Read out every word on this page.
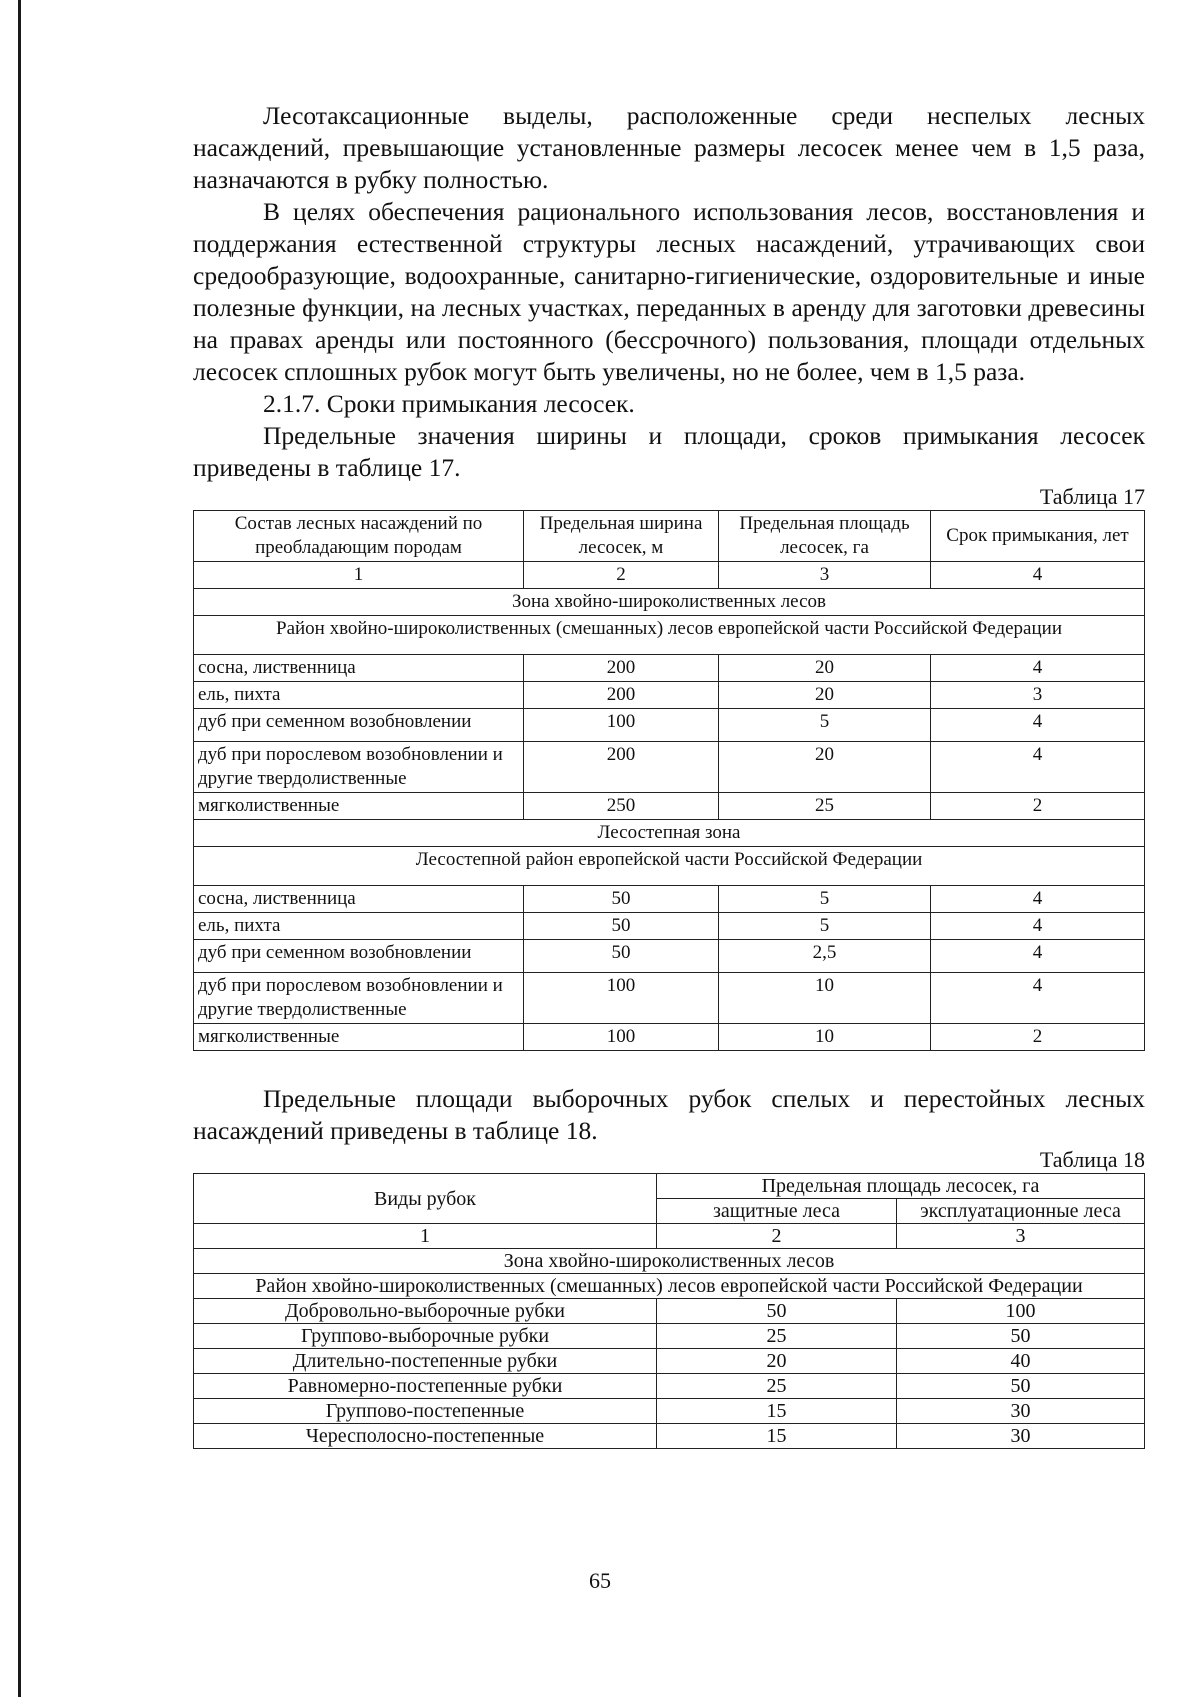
Лесотаксационные выделы, расположенные среди неспелых лесных насаждений, превышающие установленные размеры лесосек менее чем в 1,5 раза, назначаются в рубку полностью.

В целях обеспечения рационального использования лесов, восстановления и поддержания естественной структуры лесных насаждений, утрачивающих свои средообразующие, водоохранные, санитарно-гигиенические, оздоровительные и иные полезные функции, на лесных участках, переданных в аренду для заготовки древесины на правах аренды или постоянного (бессрочного) пользования, площади отдельных лесосек сплошных рубок могут быть увеличены, но не более, чем в 1,5 раза.

2.1.7. Сроки примыкания лесосек.

Предельные значения ширины и площади, сроков примыкания лесосек приведены в таблице 17.

Таблица 17

Состав лесных насаждений по преобладающим породам	Предельная ширина лесосек, м	Предельная площадь лесосек, га	Срок примыкания, лет
1	2	3	4
Зона хвойно-широколиственных лесов			
Район хвойно-широколиственных (смешанных) лесов европейской части Российской Федерации			
сосна, лиственница	200	20	4
ель, пихта	200	20	3
дуб при семенном возобновлении	100	5	4
дуб при порослевом возобновлении и другие твердолиственные	200	20	4
мягколиственные	250	25	2
Лесостепная зона			
Лесостепной район европейской части Российской Федерации			
сосна, лиственница	50	5	4
ель, пихта	50	5	4
дуб при семенном возобновлении	50	2,5	4
дуб при порослевом возобновлении и другие твердолиственные	100	10	4
мягколиственные	100	10	2

Предельные площади выборочных рубок спелых и перестойных лесных насаждений приведены в таблице 18.

Таблица 18

Виды рубок	Предельная площадь лесосек, га	
	защитные леса	эксплуатационные леса
1	2	3
Зона хвойно-широколиственных лесов		
Район хвойно-широколиственных (смешанных) лесов европейской части Российской Федерации		
Добровольно-выборочные рубки	50	100
Группово-выборочные рубки	25	50
Длительно-постепенные рубки	20	40
Равномерно-постепенные рубки	25	50
Группово-постепенные	15	30
Чересполосно-постепенные	15	30
65
